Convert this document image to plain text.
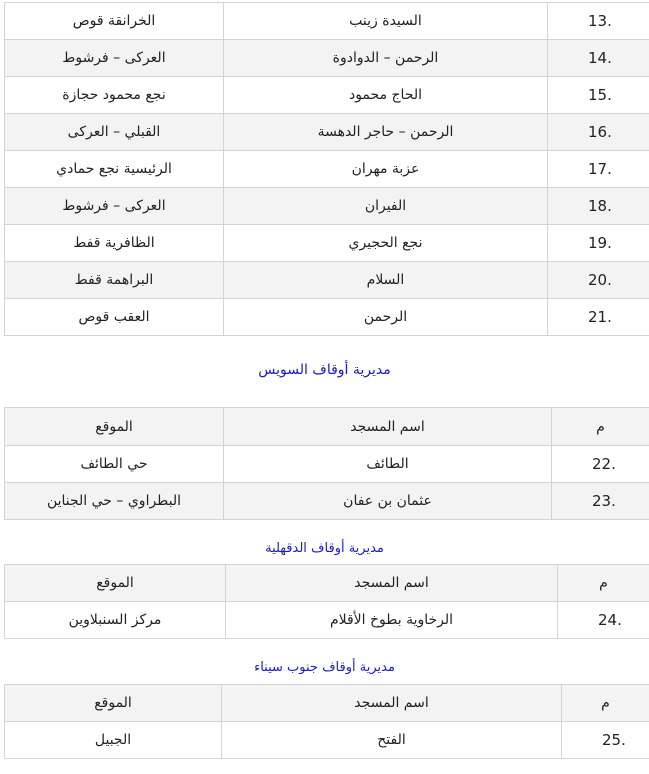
الخرانقة قوص	السيدة زينب	13.
العركى – فرشوط	الرحمن – الدوادوة	14.
نجع محمود حجازة	الحاج محمود	15.
القبلي – العركى	الرحمن – حاجر الدهسة	16.
الرئيسية نجع حمادي	عزبة مهران	17.
العركى – فرشوط	الفيران	18.
الظافرية قفط	نجع الحجيري	19.
البراهمة قفط	السلام	20.
العقب قوص	الرحمن	21.
مديرية أوقاف السويس
الموقع	اسم المسجد	م
حي الطائف	الطائف	22.
البطراوي – حي الجناين	عثمان بن عفان	23.
مديرية أوقاف الدقهلية
الموقع	اسم المسجد	م
مركز السنبلاوين	الرخاوية بطوخ الأقلام	24.
مديرية أوقاف جنوب سيناء
الموقع	اسم المسجد	م
الجبيل	الفتح	25.
